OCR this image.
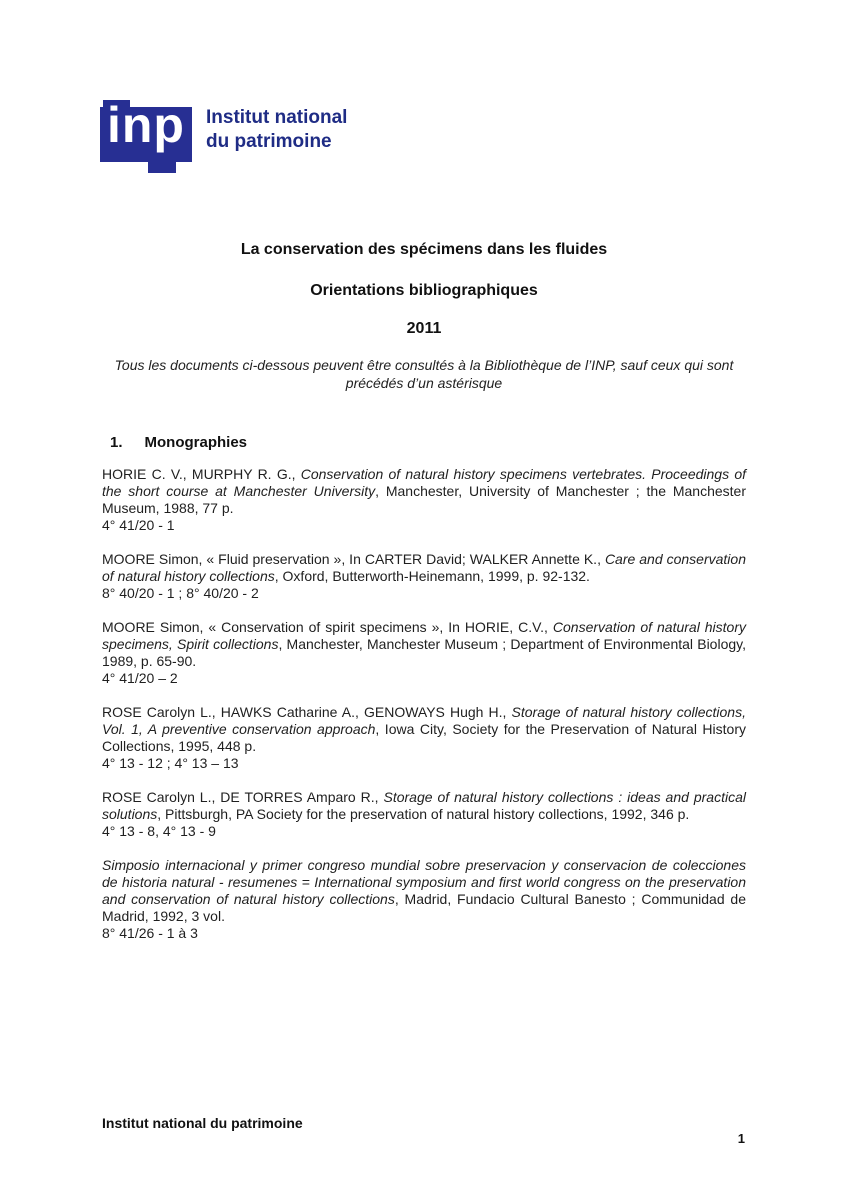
inp Institut national
du patrimoine
La conservation des spécimens dans les fluides
Orientations bibliographiques
2011
Tous les documents ci-dessous peuvent être consultés à la Bibliothèque de l’INP, sauf ceux qui sont précédés d’un astérisque
1. Monographies
HORIE C. V., MURPHY R. G., Conservation of natural history specimens vertebrates. Proceedings of the short course at Manchester University, Manchester, University of Manchester ; the Manchester Museum, 1988, 77 p.
4° 41/20 - 1
MOORE Simon, « Fluid preservation », In CARTER David; WALKER Annette K., Care and conservation of natural history collections, Oxford, Butterworth-Heinemann, 1999, p. 92-132.
8° 40/20 - 1 ; 8° 40/20 - 2
MOORE Simon, « Conservation of spirit specimens », In HORIE, C.V., Conservation of natural history specimens, Spirit collections, Manchester, Manchester Museum ; Department of Environmental Biology, 1989, p. 65-90.
4° 41/20 – 2
ROSE Carolyn L., HAWKS Catharine A., GENOWAYS Hugh H., Storage of natural history collections, Vol. 1, A preventive conservation approach, Iowa City, Society for the Preservation of Natural History Collections, 1995, 448 p.
4° 13 - 12 ; 4° 13 – 13
ROSE Carolyn L., DE TORRES Amparo R., Storage of natural history collections : ideas and practical solutions, Pittsburgh, PA Society for the preservation of natural history collections, 1992, 346 p.
4° 13 - 8, 4° 13 - 9
Simposio internacional y primer congreso mundial sobre preservacion y conservacion de colecciones de historia natural - resumenes = International symposium and first world congress on the preservation and conservation of natural history collections, Madrid, Fundacio Cultural Banesto ; Communidad de Madrid, 1992, 3 vol.
8° 41/26 - 1 à 3
Institut national du patrimoine
1
